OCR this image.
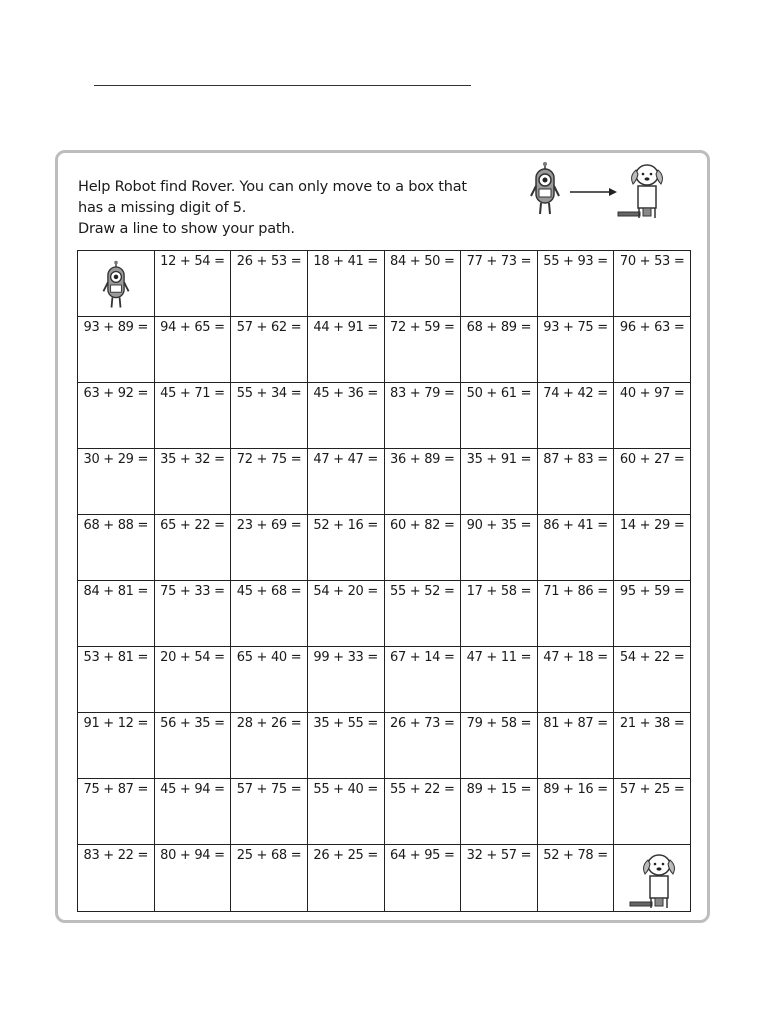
Help Robot find Rover. You can only move to a box that
has a missing digit of 5.
Draw a line to show your path.
	12 + 54 =	26 + 53 =	18 + 41 =	84 + 50 =	77 + 73 =	55 + 93 =	70 + 53 =
93 + 89 =	94 + 65 =	57 + 62 =	44 + 91 =	72 + 59 =	68 + 89 =	93 + 75 =	96 + 63 =
63 + 92 =	45 + 71 =	55 + 34 =	45 + 36 =	83 + 79 =	50 + 61 =	74 + 42 =	40 + 97 =
30 + 29 =	35 + 32 =	72 + 75 =	47 + 47 =	36 + 89 =	35 + 91 =	87 + 83 =	60 + 27 =
68 + 88 =	65 + 22 =	23 + 69 =	52 + 16 =	60 + 82 =	90 + 35 =	86 + 41 =	14 + 29 =
84 + 81 =	75 + 33 =	45 + 68 =	54 + 20 =	55 + 52 =	17 + 58 =	71 + 86 =	95 + 59 =
53 + 81 =	20 + 54 =	65 + 40 =	99 + 33 =	67 + 14 =	47 + 11 =	47 + 18 =	54 + 22 =
91 + 12 =	56 + 35 =	28 + 26 =	35 + 55 =	26 + 73 =	79 + 58 =	81 + 87 =	21 + 38 =
75 + 87 =	45 + 94 =	57 + 75 =	55 + 40 =	55 + 22 =	89 + 15 =	89 + 16 =	57 + 25 =
83 + 22 =	80 + 94 =	25 + 68 =	26 + 25 =	64 + 95 =	32 + 57 =	52 + 78 =	
